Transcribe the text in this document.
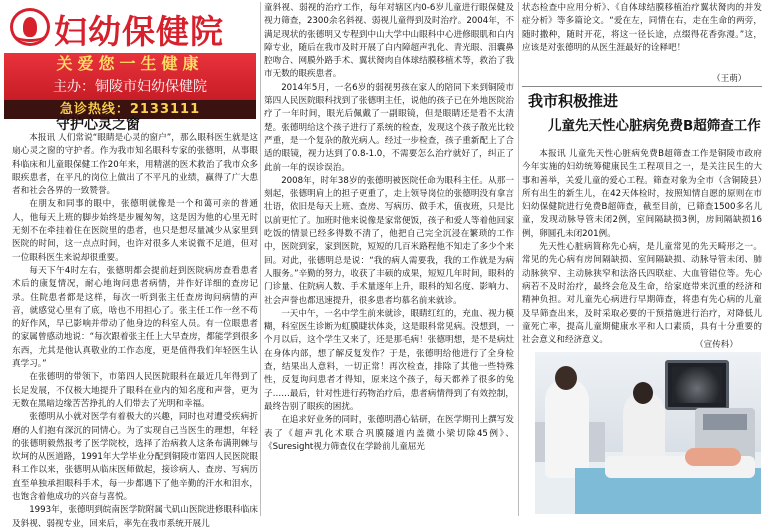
妇幼保健院
关爱您一生健康
主办：铜陵市妇幼保健院
急诊热线：2133111
守护心灵之窗

本报讯 人们常说“眼睛是心灵的窗户”，那么眼科医生就是这扇心灵之窗的守护者。作为我市知名眼科专家的张德明，从事眼科临床和儿童眼保健工作20年来，用精湛的医术救治了我市众多眼疾患者，在平凡的岗位上做出了不平凡的业绩，赢得了广大患者和社会各界的一致赞誉。

在朋友和同事的眼中，张德明就像是一个和蔼可亲的普通人，他每天上班的脚步始终是步履匆匆，这是因为他的心里无时无刻不在牵挂着住在医院里的患者，也只是想尽量减少从家里到医院的时间，这一点点时间，也许对很多人来说微不足道，但对一位眼科医生来说却很重要。

每天下午4时左右，张德明都会提前赶到医院病房查看患者术后的康复情况，耐心地询问患者病情，并作好详细的查房记录。住院患者都是这样，每次一听到张主任查房询问病情的声音，就感觉心里有了底，啥也不用担心了。张主任工作一丝不苟的好作风，早已影响并带动了他身边的科室人员。有一位眼患者的家属曾感动地说：“每次跟着张主任上大早查房，都能学到很多东西，尤其是他认真敬业的工作态度，更是值得我们年轻医生认真学习。”

在张德明的带领下，市第四人民医院眼科在最近几年得到了长足发展，不仅极大地提升了眼科在业内的知名度和声誉，更为无数在黑暗边缘苦苦挣扎的人们带去了光明和幸福。

张德明从小就对医学有着极大的兴趣，同时也对遭受疾病折磨的人们抱有深沉的同情心。为了实现自己当医生的理想，年轻的张德明毅然报考了医学院校，选择了治病救人这条布满荆棘与坎坷的从医道路，1991年大学毕业分配到铜陵市第四人民医院眼科工作以来，张德明从临床医师做起，接诊病人、查房、写病历直至单独承担眼科手术，每一步都遇下了他辛勤的汗水和泪水，也饱含着他成功的兴奋与喜悦。

1993年，张德明到皖南医学院附属弋矶山医院进修眼科临床及斜视、弱视专业，回来后，率先在我市系统开展儿

童斜视、弱视的治疗工作，每年对辖区内0-6岁儿童进行眼保健及视力筛查，2300余名斜视、弱视儿童得到及时治疗。2004年，不满足现状的张德明又专程到中山大学中山眼科中心进修眼肌和白内障专业，随后在我市及时开展了白内障超声乳化、青光眼、泪囊鼻腔吻合、网膜外路手术、翼状胬肉自体球结膜移植术等，救治了我市无数的眼疾患者。

2014年5月，一名6岁的弱视男孩在家人的陪同下来到铜陵市第四人民医院眼科找到了张德明主任，说他的孩子已在外地医院治疗了一年时间，眼光后佩戴了一副眼镜，但是眼睛还是看不太清楚。张德明给这个孩子进行了系统的检查，发现这个孩子散光比较严重，是一个复杂的散光病人。经过一步检查，孩子重新配上了合适的眼镜，视力达到了0.8-1.0，不需要怎么治疗就好了，纠正了此前一年的误诊误治。

2008年，时年38岁的张德明被医院任命为眼科主任。从那一刻起，张德明肩上的担子更重了，走上领导岗位的张德明没有拿言壮语，依旧是每天上班、查房、写病历、做手术，值夜班，只是比以前更忙了。加班时他来说像是家常便饭，孩子和爱人等着他回家吃饭的情景已经多得数不清了，他把自己完全沉浸在繁琐的工作中，医院到家，家到医院，短短的几百米路程他不知走了多少个来回。对此，张德明总是说：“我的病人需要我，我的工作就是为病人服务。”辛勤的努力，收获了丰硕的成果，短短几年时间，眼科的门诊量、住院病人数、手术量逐年上升，眼科的知名度、影响力、社会声誉也都迅速提升，很多患者均慕名前来就诊。

一天中午，一名中学生前来就诊，眼睛红红的，充血、视力模糊，科室医生诊断为虹膜睫状体炎，这是眼科常见病。没想到，一个月以后，这个学生又来了，还是那毛病！张德明想，是不是病灶在身体内部，想了解反复发作？于是，张德明给他进行了全身检查，结果出人意料，一切正常！再次检查，排除了其他一些特殊性，反复询问患者才得知，原来这个孩子，每天都养了很多的兔子……最后，针对性进行药物治疗后，患者病情得到了有效控制，最终告别了眼疾的困扰。

在追求好业务的同时，张德明潜心钻研，在医学期刊上撰写发表了《超声乳化术联合巩膜隧道内盖微小梁切除45例》、《Suresight视力筛查仪在学龄前儿童屈光

状态检查中应用分析》、《自体球结膜移植治疗翼状胬肉的并发症分析》等多篇论文。“爱在左，同情在右，走在生命的两旁，随时撒种，随时开花，将这一径长途，点缀得花香弥漫。”这，应该是对张德明的从医生涯最好的诠释吧！

（王萌）
我市积极推进
儿童先天性心脏病免费B超筛查工作

本报讯 儿童先天性心脏病免费B超筛查工作是铜陵市政府今年实施的妇幼统筹健康民生工程项目之一，是关注民生的大事和善举，关爱儿童的爱心工程。筛查对象为全市（含铜陵县）所有出生的新生儿，在42天体检时，按照知情自愿的原则在市妇幼保健院进行免费B超筛查，截至目前，已筛查1500多名儿童，发现动脉导管未闭2例，室间隔缺损3例，房间隔缺损16例，卵圆孔未闭201例。

先天性心脏病简称先心病，是儿童常见的先天畸形之一。常见的先心病有房间隔缺损、室间隔缺损、动脉导管未闭、肺动脉狭窄、主动脉狭窄和法洛氏四联症、大血管错位等。先心病若不及时治疗，最终会危及生命，给家庭带来沉重的经济和精神负担。对儿童先心病进行早期筛查，将患有先心病的儿童及早筛查出来，及时采取必要的干预措施进行治疗，对降低儿童死亡率，提高儿童期健康水平和人口素质，具有十分重要的社会意义和经济意义。	（宣传科）
